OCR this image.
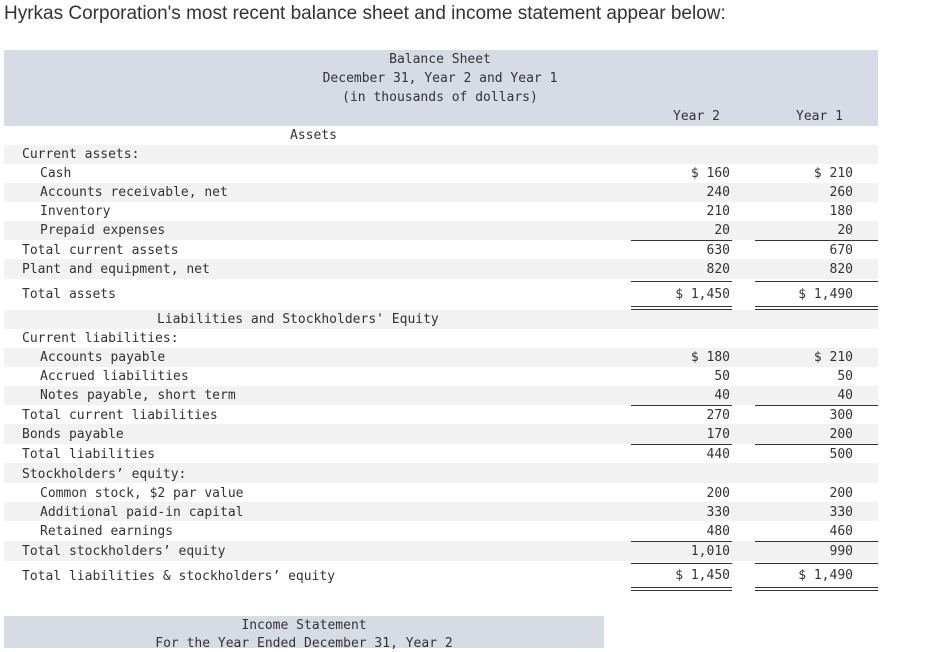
Hyrkas Corporation's most recent balance sheet and income statement appear below:
Balance Sheet
December 31, Year 2 and Year 1
(in thousands of dollars)
Year 2	Year 1
Assets
Current assets:
Cash	$ 160	$ 210
Accounts receivable, net	240	260
Inventory	210	180
Prepaid expenses	20	20
Total current assets	630	670
Plant and equipment, net	820	820
Total assets	$ 1,450	$ 1,490
Liabilities and Stockholders' Equity
Current liabilities:
Accounts payable	$ 180	$ 210
Accrued liabilities	50	50
Notes payable, short term	40	40
Total current liabilities	270	300
Bonds payable	170	200
Total liabilities	440	500
Stockholders’ equity:
Common stock, $2 par value	200	200
Additional paid-in capital	330	330
Retained earnings	480	460
Total stockholders’ equity	1,010	990
Total liabilities & stockholders’ equity	$ 1,450	$ 1,490
Income Statement
For the Year Ended December 31, Year 2
